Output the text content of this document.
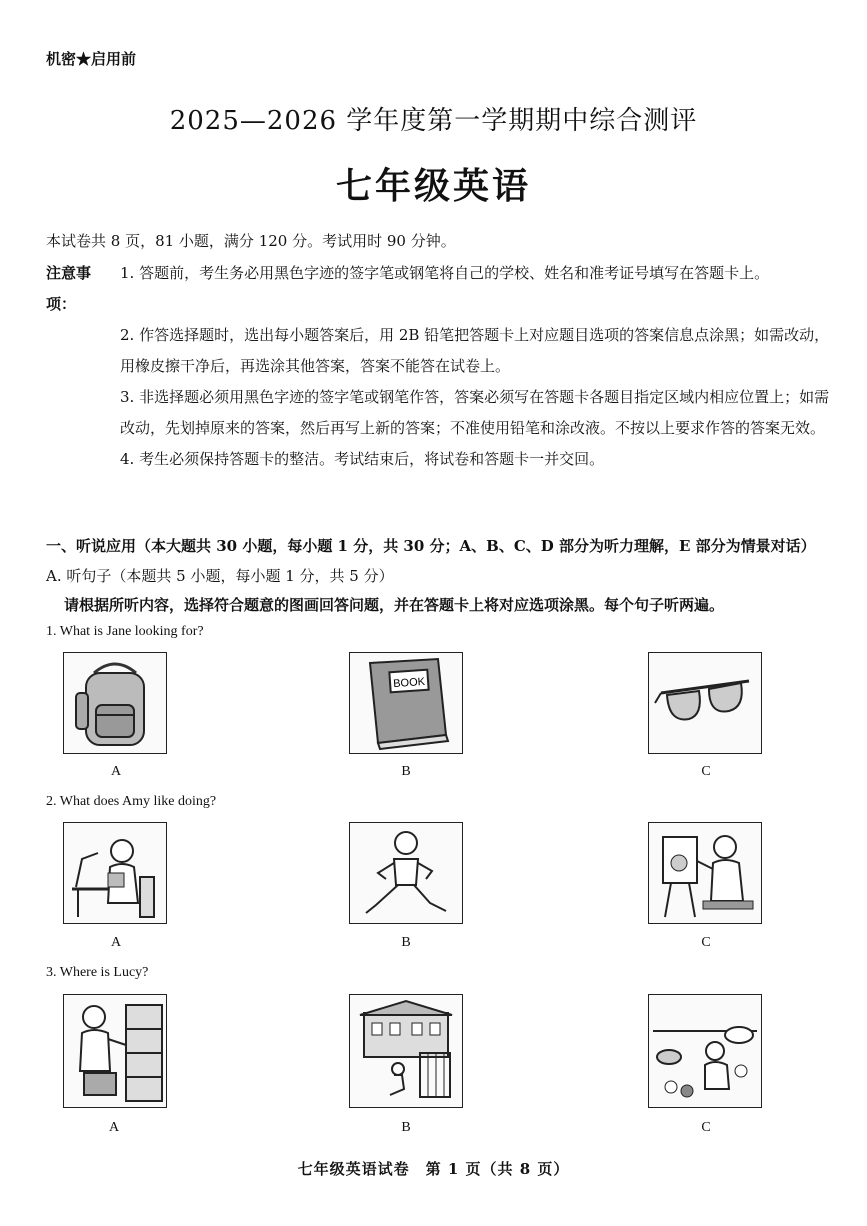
机密★启用前
2025—2026 学年度第一学期期中综合测评
七年级英语
本试卷共 8 页，81 小题，满分 120 分。考试用时 90 分钟。
注意事项：
1. 答题前，考生务必用黑色字迹的签字笔或钢笔将自己的学校、姓名和准考证号填写在答题卡上。
2. 作答选择题时，选出每小题答案后，用 2B 铅笔把答题卡上对应题目选项的答案信息点涂黑；如需改动，用橡皮擦干净后，再选涂其他答案，答案不能答在试卷上。
3. 非选择题必须用黑色字迹的签字笔或钢笔作答，答案必须写在答题卡各题目指定区域内相应位置上；如需改动，先划掉原来的答案，然后再写上新的答案；不准使用铅笔和涂改液。不按以上要求作答的答案无效。
4. 考生必须保持答题卡的整洁。考试结束后，将试卷和答题卡一并交回。
一、听说应用（本大题共 30 小题，每小题 1 分，共 30 分；A、B、C、D 部分为听力理解，E 部分为情景对话）
A. 听句子（本题共 5 小题，每小题 1 分，共 5 分）
请根据所听内容，选择符合题意的图画回答问题，并在答题卡上将对应选项涂黑。每个句子听两遍。
1. What is Jane looking for?
BOOK
A	B	C
2. What does Amy like doing?
A	B	C
3. Where is Lucy?
A	B	C
七年级英语试卷　第 1 页（共 8 页）
